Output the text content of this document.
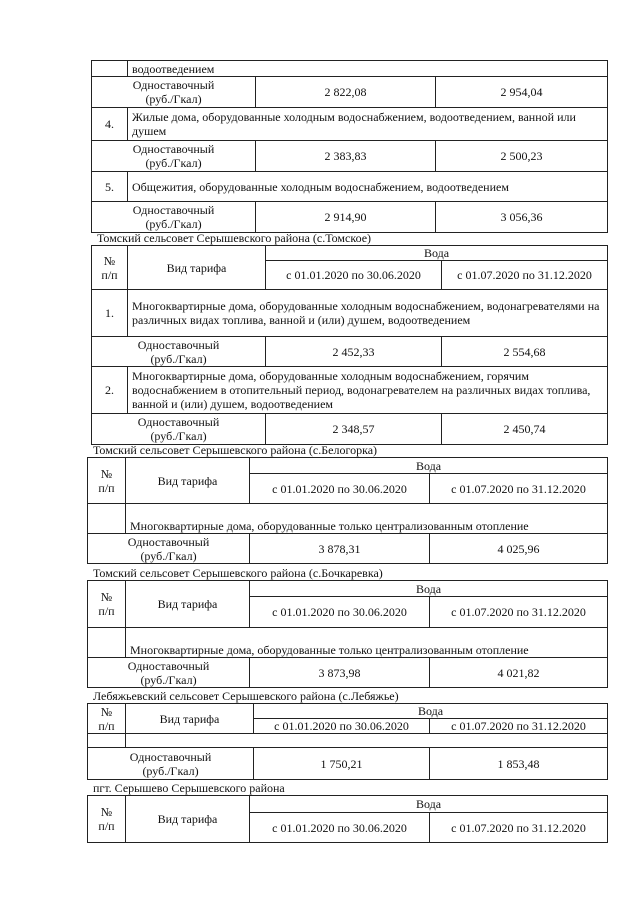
	водоотведением		
Одноставочный
(руб./Гкал)		2 822,08	2 954,04
4.	Жилые дома, оборудованные холодным водоснабжением, водоотведением, ванной или душем		
Одноставочный
(руб./Гкал)		2 383,83	2 500,23
5.	Общежития, оборудованные холодным водоснабжением, водоотведением		
Одноставочный
(руб./Гкал)		2 914,90	3 056,36
Томский сельсовет Серышевского района (с.Томское)
№
п/п	Вид тарифа	Вода	
		с 01.01.2020 по 30.06.2020	с 01.07.2020 по 31.12.2020
1.	Многоквартирные дома, оборудованные холодным водоснабжением, водонагревателями на различных видах топлива, ванной и (или) душем, водоотведением		
Одноставочный
(руб./Гкал)		2 452,33	2 554,68
2.	Многоквартирные дома, оборудованные холодным водоснабжением, горячим водоснабжением в отопительный период, водонагревателем на различных видах топлива, ванной и (или) душем, водоотведением		
Одноставочный
(руб./Гкал)		2 348,57	2 450,74
Томский сельсовет Серышевского района (с.Белогорка)
№
п/п	Вид тарифа	Вода	
		с 01.01.2020 по 30.06.2020	с 01.07.2020 по 31.12.2020
	Многоквартирные дома, оборудованные только централизованным отопление		
Одноставочный
(руб./Гкал)		3 878,31	4 025,96
Томский сельсовет Серышевского района (с.Бочкаревка)
№
п/п	Вид тарифа	Вода	
		с 01.01.2020 по 30.06.2020	с 01.07.2020 по 31.12.2020
	Многоквартирные дома, оборудованные только централизованным отопление		
Одноставочный
(руб./Гкал)		3 873,98	4 021,82
Лебяжьевский сельсовет Серышевского района (с.Лебяжье)
№
п/п	Вид тарифа	Вода	
		с 01.01.2020 по 30.06.2020	с 01.07.2020 по 31.12.2020

Одноставочный
(руб./Гкал)		1 750,21	1 853,48
пгт. Серышево Серышевского района
№
п/п	Вид тарифа	Вода	
		с 01.01.2020 по 30.06.2020	с 01.07.2020 по 31.12.2020
